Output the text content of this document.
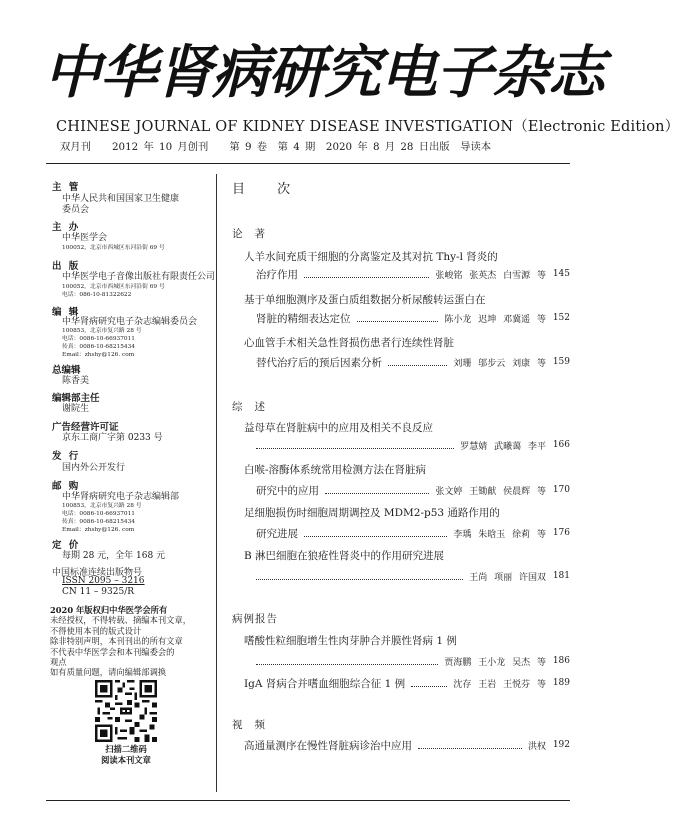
中华肾病研究电子杂志
CHINESE JOURNAL OF KIDNEY DISEASE INVESTIGATION（Electronic Edition）
双月刊 2012 年 10 月创刊 第 9 卷 第 4 期 2020 年 8 月 28 日出版 导读本
主 管
中华人民共和国国家卫生健康
委员会
主 办
中华医学会
100052，北京市西城区东河沿街 69 号
出 版
中华医学电子音像出版社有限责任公司
100052，北京市西城区东河沿街 69 号
电话：086-10-81322622
编 辑
中华肾病研究电子杂志编辑委员会
100853，北京市复兴路 28 号
电话：0086-10-66937011
传真：0086-10-68215434
Email：zhshy@126. com
总编辑
陈香美
编辑部主任
谢院生
广告经营许可证
京东工商广字第 0233 号
发 行
国内外公开发行
邮 购
中华肾病研究电子杂志编辑部
100853，北京市复兴路 28 号
电话：0086-10-66937011
传真：0086-10-68215434
Email：zhshy@126. com
定 价
每期 28 元，全年 168 元
中国标准连续出版物号
ISSN 2095 – 3216
CN 11 – 9325/R
2020 年版权归中华医学会所有
未经授权，不得转载、摘编本刊文章，
不得使用本刊的版式设计
除非特别声明，本刊刊出的所有文章
不代表中华医学会和本刊编委会的
观点
如有质量问题，请向编辑部调换
扫描二维码
阅读本刊文章
目 次
论著
人羊水间充质干细胞的分离鉴定及其对抗 Thy-l 肾炎的
治疗作用	张峻铭 张英杰 白雪源 等 145
基于单细胞测序及蛋白质组数据分析尿酸转运蛋白在
肾脏的精细表达定位	陈小龙 迟坤 邓冀遥 等 152
心血管手术相关急性肾损伤患者行连续性肾脏
替代治疗后的预后因素分析	刘珊 邬步云 刘康 等 159
综述
益母草在肾脏病中的应用及相关不良反应
罗慧婧 武曦蔼 李平 166
白喉-溶酶体系统常用检测方法在肾脏病
研究中的应用	张文婷 王锄献 侯晨辉 等 170
足细胞损伤时细胞周期调控及 MDM2-p53 通路作用的
研究进展	李瑀 朱晗玉 徐莉 等 176
B 淋巴细胞在狼疮性肾炎中的作用研究进展
王尚 项丽 许国双 181
病例报告
嗜酸性粒细胞增生性肉芽肿合并膜性肾病 1 例
贾海鹏 王小龙 吴杰 等 186
IgA 肾病合并嗜血细胞综合征 1 例	沈存 王岩 王悦芬 等 189
视频
高通量测序在慢性肾脏病诊治中应用	洪权 192
